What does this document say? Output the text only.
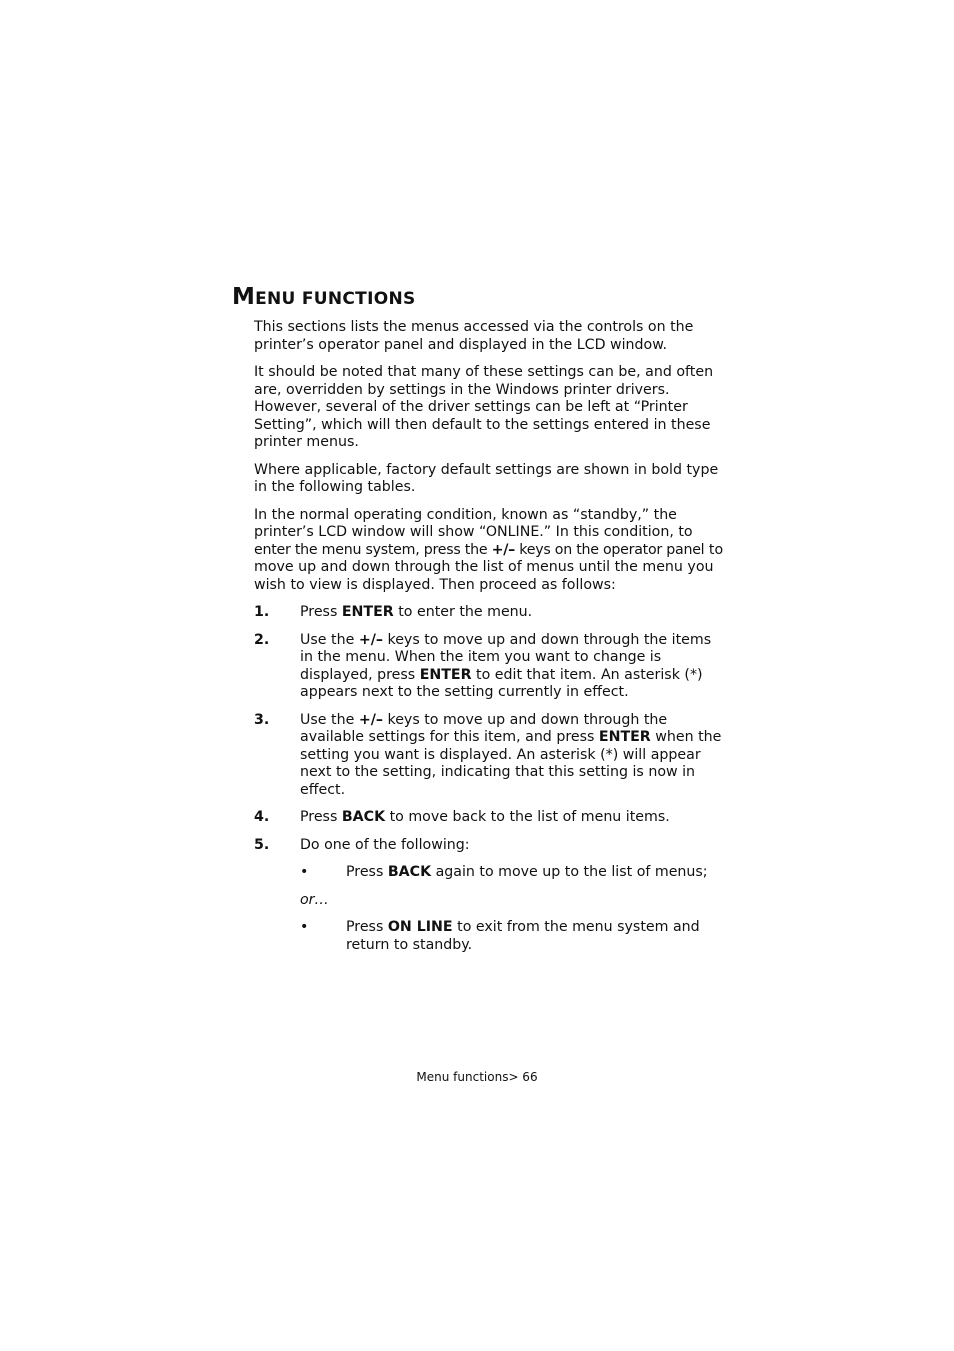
MENU FUNCTIONS

This sections lists the menus accessed via the controls on the printer’s operator panel and displayed in the LCD window.

It should be noted that many of these settings can be, and often are, overridden by settings in the Windows printer drivers. However, several of the driver settings can be left at “Printer Setting”, which will then default to the settings entered in these printer menus.

Where applicable, factory default settings are shown in bold type in the following tables.

In the normal operating condition, known as “standby,” the printer’s LCD window will show “ONLINE.” In this condition, to enter the menu system, press the +/– keys on the operator panel to move up and down through the list of menus until the menu you wish to view is displayed. Then proceed as follows:

1. Press ENTER to enter the menu.
2. Use the +/– keys to move up and down through the items in the menu. When the item you want to change is displayed, press ENTER to edit that item. An asterisk (*) appears next to the setting currently in effect.
3. Use the +/– keys to move up and down through the available settings for this item, and press ENTER when the setting you want is displayed. An asterisk (*) will appear next to the setting, indicating that this setting is now in effect.
4. Press BACK to move back to the list of menu items.
5. Do one of the following:
•	Press BACK again to move up to the list of menus;
or…
•	Press ON LINE to exit from the menu system and return to standby.
Menu functions> 66
